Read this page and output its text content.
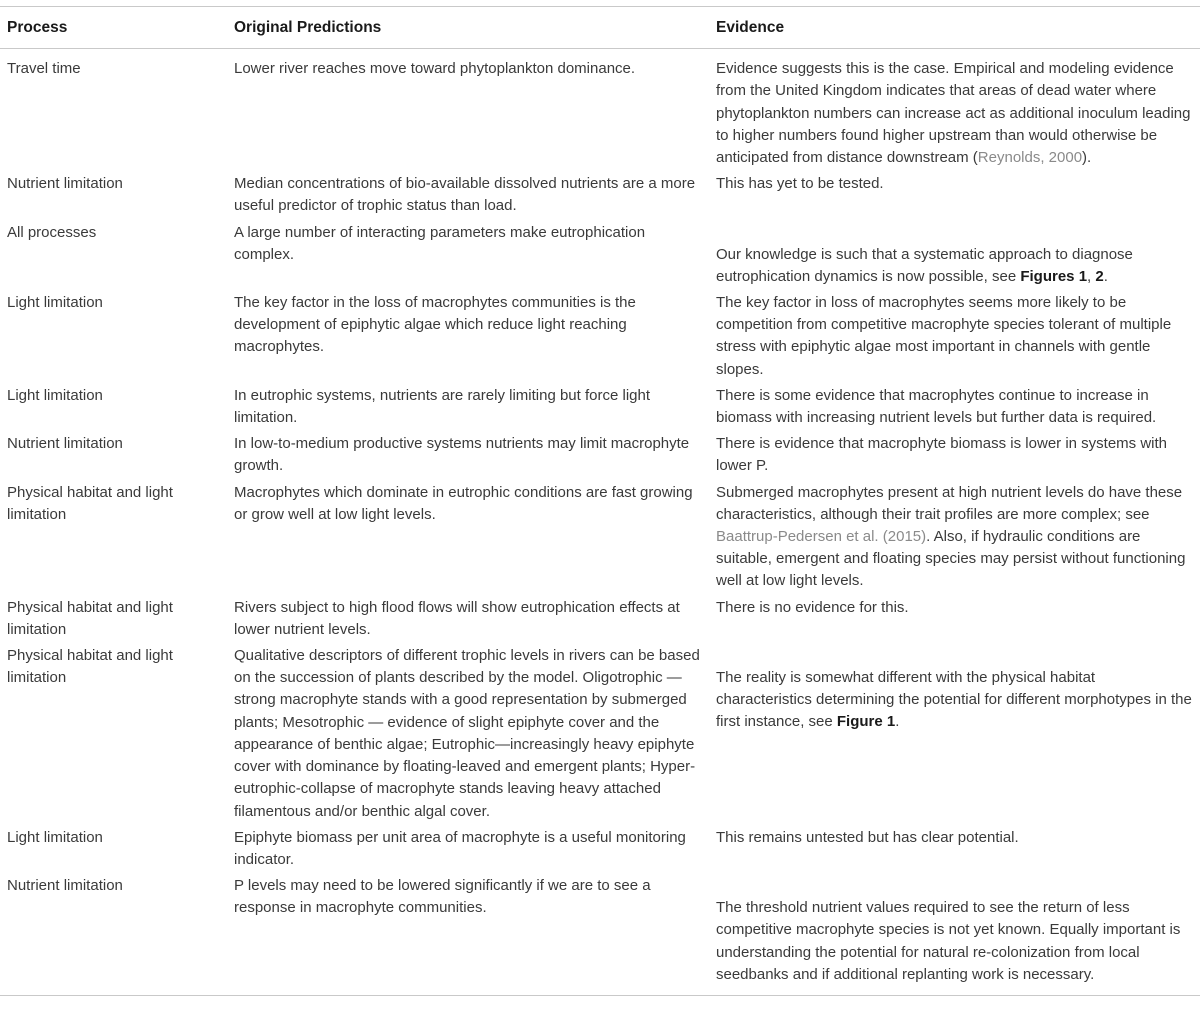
Process	Original Predictions	Evidence
Travel time	Lower river reaches move toward phytoplankton dominance.	Evidence suggests this is the case. Empirical and modeling evidence from the United Kingdom indicates that areas of dead water where phytoplankton numbers can increase act as additional inoculum leading to higher numbers found higher upstream than would otherwise be anticipated from distance downstream (Reynolds, 2000).
Nutrient limitation	Median concentrations of bio-available dissolved nutrients are a more useful predictor of trophic status than load.	This has yet to be tested.
All processes	A large number of interacting parameters make eutrophication complex.	Our knowledge is such that a systematic approach to diagnose eutrophication dynamics is now possible, see Figures 1, 2.
Light limitation	The key factor in the loss of macrophytes communities is the development of epiphytic algae which reduce light reaching macrophytes.	The key factor in loss of macrophytes seems more likely to be competition from competitive macrophyte species tolerant of multiple stress with epiphytic algae most important in channels with gentle slopes.
Light limitation	In eutrophic systems, nutrients are rarely limiting but force light limitation.	There is some evidence that macrophytes continue to increase in biomass with increasing nutrient levels but further data is required.
Nutrient limitation	In low-to-medium productive systems nutrients may limit macrophyte growth.	There is evidence that macrophyte biomass is lower in systems with lower P.
Physical habitat and light limitation	Macrophytes which dominate in eutrophic conditions are fast growing or grow well at low light levels.	Submerged macrophytes present at high nutrient levels do have these characteristics, although their trait profiles are more complex; see Baattrup-Pedersen et al. (2015). Also, if hydraulic conditions are suitable, emergent and floating species may persist without functioning well at low light levels.
Physical habitat and light limitation	Rivers subject to high flood flows will show eutrophication effects at lower nutrient levels.	There is no evidence for this.
Physical habitat and light limitation	Qualitative descriptors of different trophic levels in rivers can be based on the succession of plants described by the model. Oligotrophic — strong macrophyte stands with a good representation by submerged plants; Mesotrophic — evidence of slight epiphyte cover and the appearance of benthic algae; Eutrophic—increasingly heavy epiphyte cover with dominance by floating-leaved and emergent plants; Hyper-eutrophic-collapse of macrophyte stands leaving heavy attached filamentous and/or benthic algal cover.	The reality is somewhat different with the physical habitat characteristics determining the potential for different morphotypes in the first instance, see Figure 1.
Light limitation	Epiphyte biomass per unit area of macrophyte is a useful monitoring indicator.	This remains untested but has clear potential.
Nutrient limitation	P levels may need to be lowered significantly if we are to see a response in macrophyte communities.	The threshold nutrient values required to see the return of less competitive macrophyte species is not yet known. Equally important is understanding the potential for natural re-colonization from local seedbanks and if additional replanting work is necessary.
